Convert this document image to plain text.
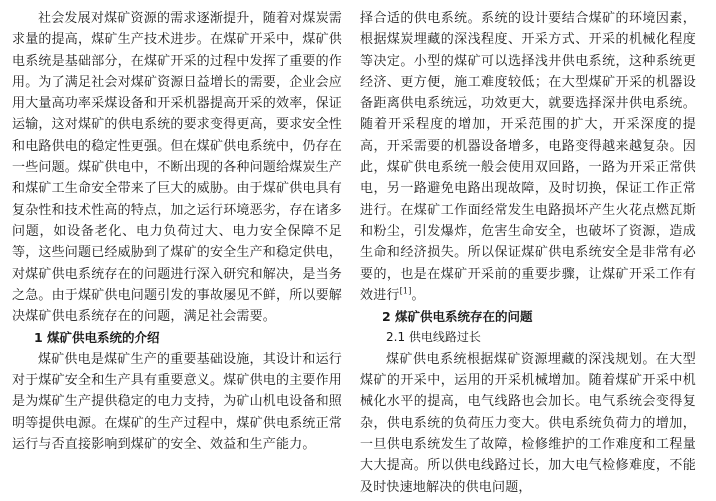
社会发展对煤矿资源的需求逐渐提升，随着对煤炭需求量的提高，煤矿生产技术进步。在煤矿开采中，煤矿供电系统是基础部分，在煤矿开采的过程中发挥了重要的作用。为了满足社会对煤矿资源日益增长的需要，企业会应用大量高功率采煤设备和开采机器提高开采的效率，保证运输，这对煤矿的供电系统的要求变得更高，要求安全性和电路供电的稳定性更强。但在煤矿供电系统中，仍存在一些问题。煤矿供电中，不断出现的各种问题给煤炭生产和煤矿工生命安全带来了巨大的威胁。由于煤矿供电具有复杂性和技术性高的特点，加之运行环境恶劣，存在诸多问题，如设备老化、电力负荷过大、电力安全保障不足等，这些问题已经威胁到了煤矿的安全生产和稳定供电，对煤矿供电系统存在的问题进行深入研究和解决，是当务之急。由于煤矿供电问题引发的事故屡见不鲜，所以要解决煤矿供电系统存在的问题，满足社会需要。

1 煤矿供电系统的介绍

煤矿供电是煤矿生产的重要基础设施，其设计和运行对于煤矿安全和生产具有重要意义。煤矿供电的主要作用是为煤矿生产提供稳定的电力支持，为矿山机电设备和照明等提供电源。在煤矿的生产过程中，煤矿供电系统正常运行与否直接影响到煤矿的安全、效益和生产能力。

择合适的供电系统。系统的设计要结合煤矿的环境因素，根据煤炭埋藏的深浅程度、开采方式、开采的机械化程度等决定。小型的煤矿可以选择浅井供电系统，这种系统更经济、更方便，施工难度较低；在大型煤矿开采的机器设备距离供电系统远，功效更大，就要选择深井供电系统。随着开采程度的增加，开采范围的扩大，开采深度的提高，开采需要的机器设备增多，电路变得越来越复杂。因此，煤矿供电系统一般会使用双回路，一路为开采正常供电，另一路避免电路出现故障，及时切换，保证工作正常进行。在煤矿工作面经常发生电路损坏产生火花点燃瓦斯和粉尘，引发爆炸，危害生命安全，也破坏了资源，造成生命和经济损失。所以保证煤矿供电系统安全是非常有必要的，也是在煤矿开采前的重要步骤，让煤矿开采工作有效进行[1]。

2 煤矿供电系统存在的问题

2.1 供电线路过长

煤矿供电系统根据煤矿资源埋藏的深浅规划。在大型煤矿的开采中，运用的开采机械增加。随着煤矿开采中机械化水平的提高，电气线路也会加长。电气系统会变得复杂，供电系统的负荷压力变大。供电系统负荷力的增加，一旦供电系统发生了故障，检修维护的工作难度和工程量大大提高。所以供电线路过长，加大电气检修难度，不能及时快速地解决的供电问题，
